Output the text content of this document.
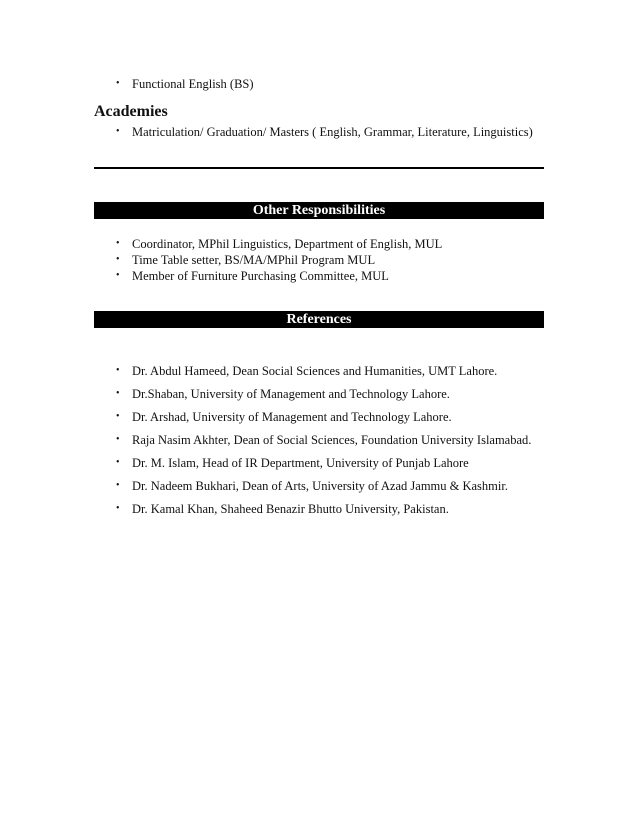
• Functional English (BS)
Academies
• Matriculation/ Graduation/ Masters ( English, Grammar, Literature, Linguistics)
Other Responsibilities
• Coordinator, MPhil Linguistics, Department of English, MUL
• Time Table setter, BS/MA/MPhil Program MUL
• Member of Furniture Purchasing Committee, MUL
References
• Dr. Abdul Hameed, Dean Social Sciences and Humanities, UMT Lahore.
• Dr.Shaban, University of Management and Technology Lahore.
• Dr. Arshad, University of Management and Technology Lahore.
• Raja Nasim Akhter, Dean of Social Sciences, Foundation University Islamabad.
• Dr. M. Islam, Head of IR Department, University of Punjab Lahore
• Dr. Nadeem Bukhari, Dean of Arts, University of Azad Jammu & Kashmir.
• Dr. Kamal Khan, Shaheed Benazir Bhutto University, Pakistan.
